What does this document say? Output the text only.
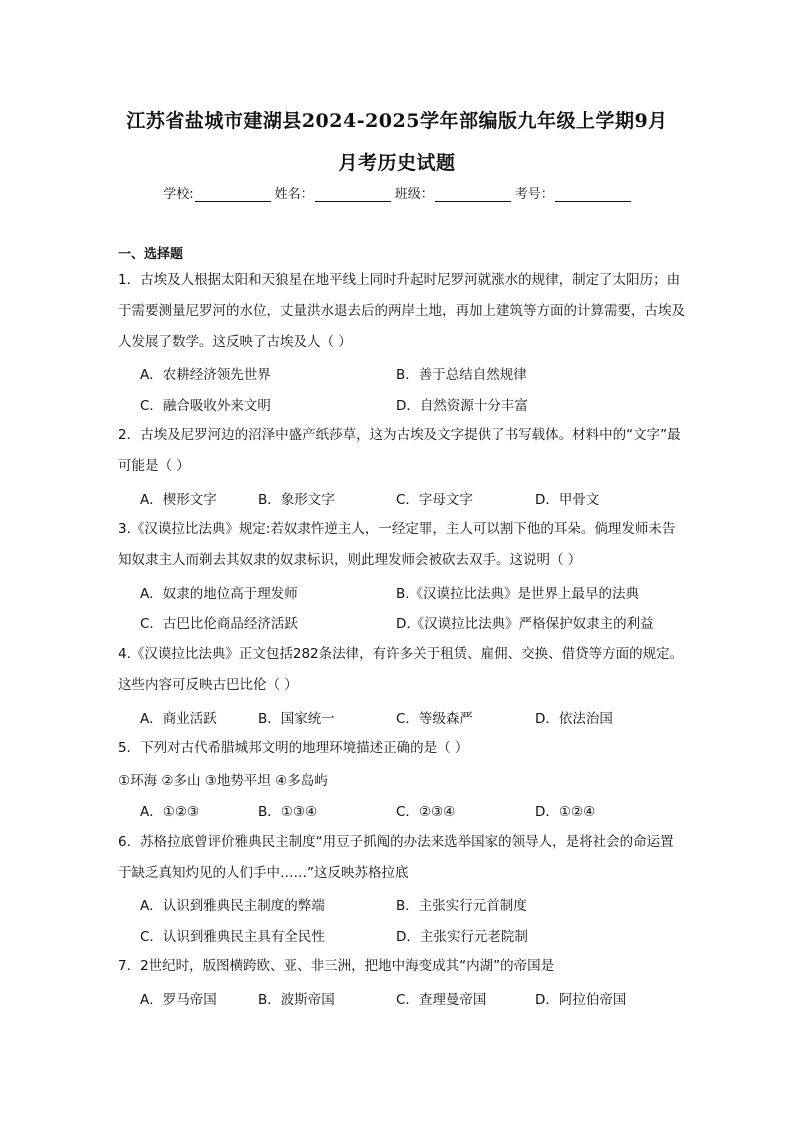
江苏省盐城市建湖县2024-2025学年部编版九年级上学期9月
月考历史试题
学校:	姓名：	班级：	考号：
一、选择题
1．古埃及人根据太阳和天狼星在地平线上同时升起时尼罗河就涨水的规律，制定了太阳历；由于需要测量尼罗河的水位，丈量洪水退去后的两岸土地，再加上建筑等方面的计算需要，古埃及人发展了数学。这反映了古埃及人（ ）
A．农耕经济领先世界	B．善于总结自然规律
C．融合吸收外来文明	D．自然资源十分丰富
2．古埃及尼罗河边的沼泽中盛产纸莎草，这为古埃及文字提供了书写载体。材料中的“文字”最可能是（ ）
A．楔形文字	B．象形文字	C．字母文字	D．甲骨文
3.《汉谟拉比法典》规定:若奴隶忤逆主人，一经定罪，主人可以割下他的耳朵。倘理发师未告知奴隶主人而剃去其奴隶的奴隶标识，则此理发师会被砍去双手。这说明（ ）
A．奴隶的地位高于理发师	B.《汉谟拉比法典》是世界上最早的法典
C．古巴比伦商品经济活跃	D.《汉谟拉比法典》严格保护奴隶主的利益
4.《汉谟拉比法典》正文包括282条法律，有许多关于租赁、雇佣、交换、借贷等方面的规定。这些内容可反映古巴比伦（ ）
A．商业活跃	B．国家统一	C．等级森严	D．依法治国
5．下列对古代希腊城邦文明的地理环境描述正确的是（ ）
①环海 ②多山 ③地势平坦 ④多岛屿
A．①②③	B．①③④	C．②③④	D．①②④
6．苏格拉底曾评价雅典民主制度“用豆子抓阄的办法来选举国家的领导人，是将社会的命运置于缺乏真知灼见的人们手中……”这反映苏格拉底
A．认识到雅典民主制度的弊端	B．主张实行元首制度
C．认识到雅典民主具有全民性	D．主张实行元老院制
7．2世纪时，版图横跨欧、亚、非三洲，把地中海变成其“内湖”的帝国是
A．罗马帝国	B．波斯帝国	C．查理曼帝国	D．阿拉伯帝国
